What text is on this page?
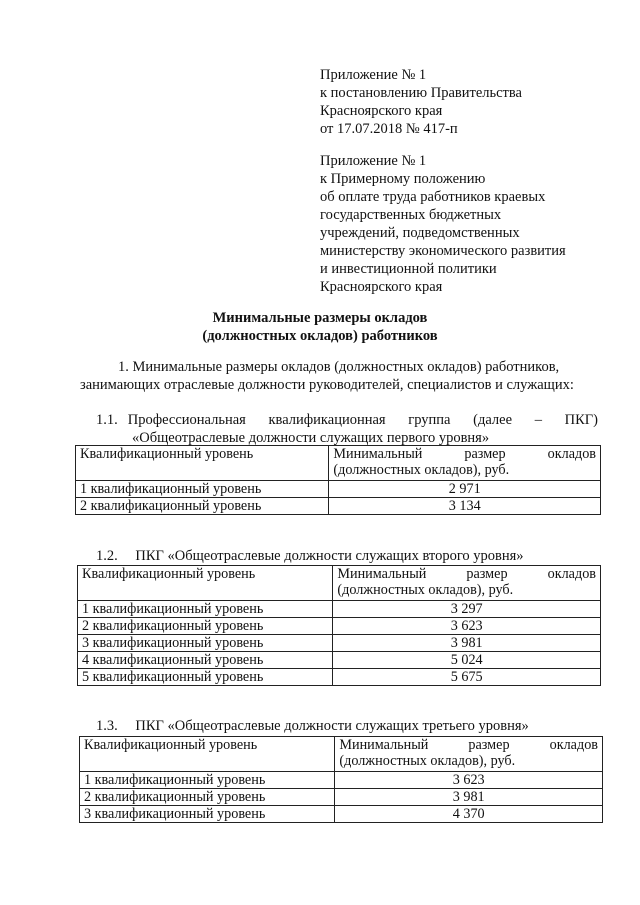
Приложение № 1
к постановлению Правительства
Красноярского края
от 17.07.2018 № 417-п
Приложение № 1
к Примерному положению
об оплате труда работников краевых
государственных бюджетных
учреждений, подведомственных
министерству экономического развития
и инвестиционной политики
Красноярского края
Минимальные размеры окладов
(должностных окладов) работников
1. Минимальные размеры окладов (должностных окладов) работников,
занимающих отраслевые должности руководителей, специалистов и служащих:
1.1. Профессиональная квалификационная группа (далее – ПКГ)
«Общеотраслевые должности служащих первого уровня»
Квалификационный уровень	Минимальный размер окладов
(должностных окладов), руб.

1 квалификационный уровень	2 971
2 квалификационный уровень	3 134
1.2. ПКГ «Общеотраслевые должности служащих второго уровня»
Квалификационный уровень	Минимальный размер окладов
(должностных окладов), руб.

1 квалификационный уровень	3 297
2 квалификационный уровень	3 623
3 квалификационный уровень	3 981
4 квалификационный уровень	5 024
5 квалификационный уровень	5 675
1.3. ПКГ «Общеотраслевые должности служащих третьего уровня»
Квалификационный уровень	Минимальный размер окладов
(должностных окладов), руб.

1 квалификационный уровень	3 623
2 квалификационный уровень	3 981
3 квалификационный уровень	4 370
